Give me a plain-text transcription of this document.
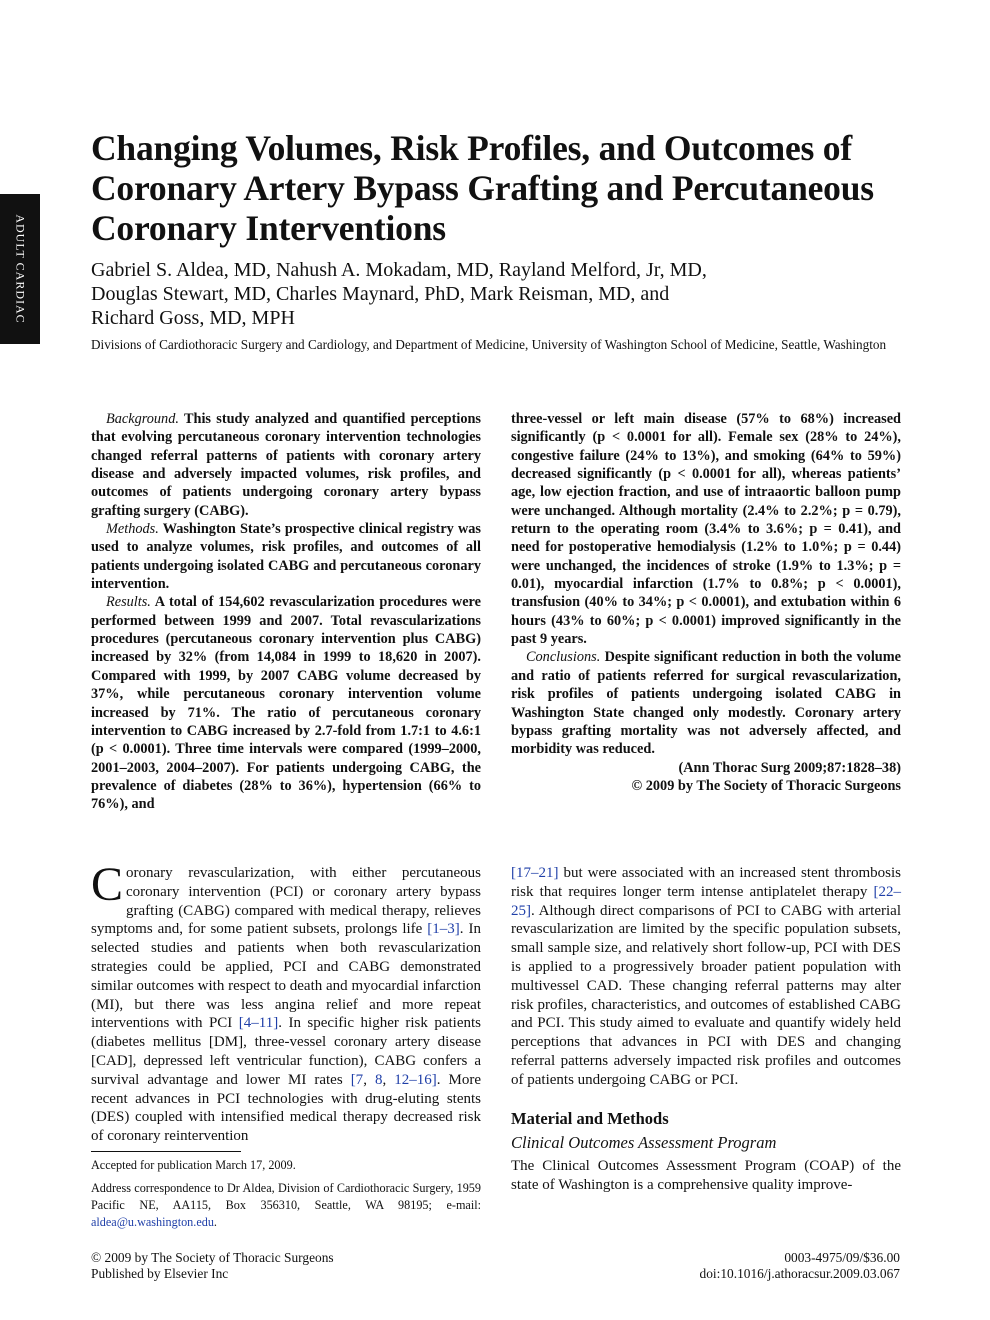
ADULT CARDIAC
Changing Volumes, Risk Profiles, and Outcomes of
Coronary Artery Bypass Grafting and Percutaneous
Coronary Interventions
Gabriel S. Aldea, MD, Nahush A. Mokadam, MD, Rayland Melford, Jr, MD,
Douglas Stewart, MD, Charles Maynard, PhD, Mark Reisman, MD, and
Richard Goss, MD, MPH
Divisions of Cardiothoracic Surgery and Cardiology, and Department of Medicine, University of Washington School of Medicine, Seattle, Washington

Background. This study analyzed and quantified perceptions that evolving percutaneous coronary intervention technologies changed referral patterns of patients with coronary artery disease and adversely impacted volumes, risk profiles, and outcomes of patients undergoing coronary artery bypass grafting surgery (CABG).

Methods. Washington State’s prospective clinical registry was used to analyze volumes, risk profiles, and outcomes of all patients undergoing isolated CABG and percutaneous coronary intervention.

Results. A total of 154,602 revascularization procedures were performed between 1999 and 2007. Total revascularizations procedures (percutaneous coronary intervention plus CABG) increased by 32% (from 14,084 in 1999 to 18,620 in 2007). Compared with 1999, by 2007 CABG volume decreased by 37%, while percutaneous coronary intervention volume increased by 71%. The ratio of percutaneous coronary intervention to CABG increased by 2.7-fold from 1.7:1 to 4.6:1 (p < 0.0001). Three time intervals were compared (1999–2000, 2001–2003, 2004–2007). For patients undergoing CABG, the prevalence of diabetes (28% to 36%), hypertension (66% to 76%), and

three-vessel or left main disease (57% to 68%) increased significantly (p < 0.0001 for all). Female sex (28% to 24%), congestive failure (24% to 13%), and smoking (64% to 59%) decreased significantly (p < 0.0001 for all), whereas patients’ age, low ejection fraction, and use of intraaortic balloon pump were unchanged. Although mortality (2.4% to 2.2%; p = 0.79), return to the operating room (3.4% to 3.6%; p = 0.41), and need for postoperative hemodialysis (1.2% to 1.0%; p = 0.44) were unchanged, the incidences of stroke (1.9% to 1.3%; p = 0.01), myocardial infarction (1.7% to 0.8%; p < 0.0001), transfusion (40% to 34%; p < 0.0001), and extubation within 6 hours (43% to 60%; p < 0.0001) improved significantly in the past 9 years.

Conclusions. Despite significant reduction in both the volume and ratio of patients referred for surgical revascularization, risk profiles of patients undergoing isolated CABG in Washington State changed only modestly. Coronary artery bypass grafting mortality was not adversely affected, and morbidity was reduced.

(Ann Thorac Surg 2009;87:1828–38)

© 2009 by The Society of Thoracic Surgeons

Coronary revascularization, with either percutaneous coronary intervention (PCI) or coronary artery bypass grafting (CABG) compared with medical therapy, relieves symptoms and, for some patient subsets, prolongs life [1–3]. In selected studies and patients when both revascularization strategies could be applied, PCI and CABG demonstrated similar outcomes with respect to death and myocardial infarction (MI), but there was less angina relief and more repeat interventions with PCI [4–11]. In specific higher risk patients (diabetes mellitus [DM], three-vessel coronary artery disease [CAD], depressed left ventricular function), CABG confers a survival advantage and lower MI rates [7, 8, 12–16]. More recent advances in PCI technologies with drug-eluting stents (DES) coupled with intensified medical therapy decreased risk of coronary reintervention

[17–21] but were associated with an increased stent thrombosis risk that requires longer term intense antiplatelet therapy [22–25]. Although direct comparisons of PCI to CABG with arterial revascularization are limited by the specific population subsets, small sample size, and relatively short follow-up, PCI with DES is applied to a progressively broader patient population with multivessel CAD. These changing referral patterns may alter risk profiles, characteristics, and outcomes of established CABG and PCI. This study aimed to evaluate and quantify widely held perceptions that advances in PCI with DES and changing referral patterns adversely impacted risk profiles and outcomes of patients undergoing CABG or PCI.

Material and Methods
Clinical Outcomes Assessment Program

The Clinical Outcomes Assessment Program (COAP) of the state of Washington is a comprehensive quality improve-

Accepted for publication March 17, 2009.

Address correspondence to Dr Aldea, Division of Cardiothoracic Surgery, 1959 Pacific NE, AA115, Box 356310, Seattle, WA 98195; e-mail: aldea@u.washington.edu.

© 2009 by The Society of Thoracic Surgeons
Published by Elsevier Inc
0003-4975/09/$36.00
doi:10.1016/j.athoracsur.2009.03.067
